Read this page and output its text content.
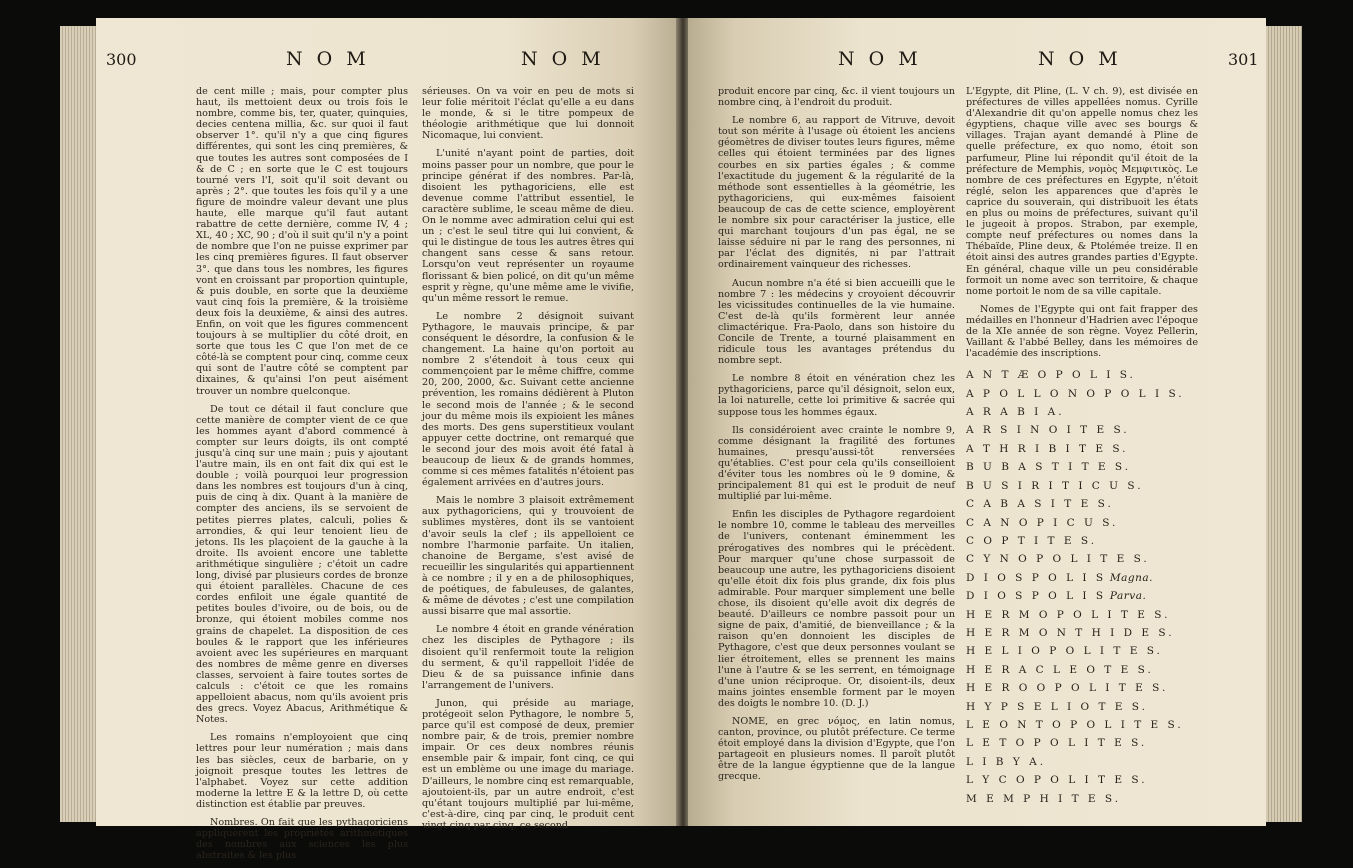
300	N O M	N O M

de cent mille ; mais, pour compter plus haut, ils mettoient deux ou trois fois le nombre, comme bis, ter, quater, quinquies, decies centena millia, &c. sur quoi il faut observer 1°. qu'il n'y a que cinq figures différentes, qui sont les cinq premières, & que toutes les autres sont composées de I & de C ; en sorte que le C est toujours tourné vers l'I, soit qu'il soit devant ou après ; 2°. que toutes les fois qu'il y a une figure de moindre valeur devant une plus haute, elle marque qu'il faut autant rabattre de cette dernière, comme IV, 4 ; XL, 40 ; XC, 90 ; d'où il suit qu'il n'y a point de nombre que l'on ne puisse exprimer par les cinq premières figures. Il faut observer 3°. que dans tous les nombres, les figures vont en croissant par proportion quintuple, & puis double, en sorte que la deuxième vaut cinq fois la première, & la troisième deux fois la deuxième, & ainsi des autres. Enfin, on voit que les figures commencent toujours à se multiplier du côté droit, en sorte que tous les C que l'on met de ce côté-là se comptent pour cinq, comme ceux qui sont de l'autre côté se comptent par dixaines, & qu'ainsi l'on peut aisément trouver un nombre quelconque.

De tout ce détail il faut conclure que cette manière de compter vient de ce que les hommes ayant d'abord commencé à compter sur leurs doigts, ils ont compté jusqu'à cinq sur une main ; puis y ajoutant l'autre main, ils en ont fait dix qui est le double ; voilà pourquoi leur progression dans les nombres est toujours d'un à cinq, puis de cinq à dix. Quant à la manière de compter des anciens, ils se servoient de petites pierres plates, calculi, polies & arrondies, & qui leur tenoient lieu de jetons. Ils les plaçoient de la gauche à la droite. Ils avoient encore une tablette arithmétique singulière ; c'étoit un cadre long, divisé par plusieurs cordes de bronze qui étoient parallèles. Chacune de ces cordes enfiloit une égale quantité de petites boules d'ivoire, ou de bois, ou de bronze, qui étoient mobiles comme nos grains de chapelet. La disposition de ces boules & le rapport que les inférieures avoient avec les supérieures en marquant des nombres de même genre en diverses classes, servoient à faire toutes sortes de calculs : c'étoit ce que les romains appelloient abacus, nom qu'ils avoient pris des grecs. Voyez Abacus, Arithmétique & Notes.

Les romains n'employoient que cinq lettres pour leur numération ; mais dans les bas siècles, ceux de barbarie, on y joignoit presque toutes les lettres de l'alphabet. Voyez sur cette addition moderne la lettre E & la lettre D, où cette distinction est établie par preuves.

Nombres. On fait que les pythagoriciens appliquèrent les propriétés arithmétiques des nombres aux sciences les plus abstraites & les plus

sérieuses. On va voir en peu de mots si leur folie méritoit l'éclat qu'elle a eu dans le monde, & si le titre pompeux de théologie arithmétique que lui donnoit Nicomaque, lui convient.

L'unité n'ayant point de parties, doit moins passer pour un nombre, que pour le principe générat if des nombres. Par-là, disoient les pythagoriciens, elle est devenue comme l'attribut essentiel, le caractère sublime, le sceau même de dieu. On le nomme avec admiration celui qui est un ; c'est le seul titre qui lui convient, & qui le distingue de tous les autres êtres qui changent sans cesse & sans retour. Lorsqu'on veut représenter un royaume florissant & bien policé, on dit qu'un même esprit y règne, qu'une même ame le vivifie, qu'un même ressort le remue.

Le nombre 2 désignoit suivant Pythagore, le mauvais principe, & par conséquent le désordre, la confusion & le changement. La haine qu'on portoit au nombre 2 s'étendoit à tous ceux qui commençoient par le même chiffre, comme 20, 200, 2000, &c. Suivant cette ancienne prévention, les romains dédièrent à Pluton le second mois de l'année ; & le second jour du même mois ils expioient les mânes des morts. Des gens superstitieux voulant appuyer cette doctrine, ont remarqué que le second jour des mois avoit été fatal à beaucoup de lieux & de grands hommes, comme si ces mêmes fatalités n'étoient pas également arrivées en d'autres jours.

Mais le nombre 3 plaisoit extrêmement aux pythagoriciens, qui y trouvoient de sublimes mystères, dont ils se vantoient d'avoir seuls la clef ; ils appelloient ce nombre l'harmonie parfaite. Un italien, chanoine de Bergame, s'est avisé de recueillir les singularités qui appartiennent à ce nombre ; il y en a de philosophiques, de poétiques, de fabuleuses, de galantes, & même de dévotes ; c'est une compilation aussi bisarre que mal assortie.

Le nombre 4 étoit en grande vénération chez les disciples de Pythagore ; ils disoient qu'il renfermoit toute la religion du serment, & qu'il rappelloit l'idée de Dieu & de sa puissance infinie dans l'arrangement de l'univers.

Junon, qui préside au mariage, protégeoit selon Pythagore, le nombre 5, parce qu'il est composé de deux, premier nombre pair, & de trois, premier nombre impair. Or ces deux nombres réunis ensemble pair & impair, font cinq, ce qui est un emblème ou une image du mariage. D'ailleurs, le nombre cinq est remarquable, ajoutoient-ils, par un autre endroit, c'est qu'étant toujours multiplié par lui-même, c'est-à-dire, cinq par cinq, le produit cent vingt cinq par cinq, ce second

N O M	N O M	301

produit encore par cinq, &c. il vient toujours un nombre cinq, à l'endroit du produit.

Le nombre 6, au rapport de Vitruve, devoit tout son mérite à l'usage où étoient les anciens géomètres de diviser toutes leurs figures, même celles qui étoient terminées par des lignes courbes en six parties égales ; & comme l'exactitude du jugement & la régularité de la méthode sont essentielles à la géométrie, les pythagoriciens, qui eux-mêmes faisoient beaucoup de cas de cette science, employèrent le nombre six pour caractériser la justice, elle qui marchant toujours d'un pas égal, ne se laisse séduire ni par le rang des personnes, ni par l'éclat des dignités, ni par l'attrait ordinairement vainqueur des richesses.

Aucun nombre n'a été si bien accueilli que le nombre 7 : les médecins y croyoient découvrir les vicissitudes continuelles de la vie humaine. C'est de-là qu'ils formèrent leur année climactérique. Fra-Paolo, dans son histoire du Concile de Trente, a tourné plaisamment en ridicule tous les avantages prétendus du nombre sept.

Le nombre 8 étoit en vénération chez les pythagoriciens, parce qu'il désignoit, selon eux, la loi naturelle, cette loi primitive & sacrée qui suppose tous les hommes égaux.

Ils considéroient avec crainte le nombre 9, comme désignant la fragilité des fortunes humaines, presqu'aussi-tôt renversées qu'établies. C'est pour cela qu'ils conseilloient d'éviter tous les nombres où le 9 domine, & principalement 81 qui est le produit de neuf multiplié par lui-même.

Enfin les disciples de Pythagore regardoient le nombre 10, comme le tableau des merveilles de l'univers, contenant éminemment les prérogatives des nombres qui le précèdent. Pour marquer qu'une chose surpassoit de beaucoup une autre, les pythagoriciens disoient qu'elle étoit dix fois plus grande, dix fois plus admirable. Pour marquer simplement une belle chose, ils disoient qu'elle avoit dix degrés de beauté. D'ailleurs ce nombre passoit pour un signe de paix, d'amitié, de bienveillance ; & la raison qu'en donnoient les disciples de Pythagore, c'est que deux personnes voulant se lier étroitement, elles se prennent les mains l'une à l'autre & se les serrent, en témoignage d'une union réciproque. Or, disoient-ils, deux mains jointes ensemble forment par le moyen des doigts le nombre 10. (D. J.)

NOME, en grec νόμος, en latin nomus, canton, province, ou plutôt préfecture. Ce terme étoit employé dans la division d'Egypte, que l'on partageoit en plusieurs nomes. Il paroît plutôt être de la langue égyptienne que de la langue grecque.

L'Egypte, dit Pline, (L. V ch. 9), est divisée en préfectures de villes appellées nomus. Cyrille d'Alexandrie dit qu'on appelle nomus chez les égyptiens, chaque ville avec ses bourgs & villages. Trajan ayant demandé à Pline de quelle préfecture, ex quo nomo, étoit son parfumeur, Pline lui répondit qu'il étoit de la préfecture de Memphis, νομὸς Μεμφιτικὸς. Le nombre de ces préfectures en Egypte, n'étoit réglé, selon les apparences que d'après le caprice du souverain, qui distribuoit les états en plus ou moins de préfectures, suivant qu'il le jugeoit à propos. Strabon, par exemple, compte neuf préfectures ou nomes dans la Thébaïde, Pline deux, & Ptolémée treize. Il en étoit ainsi des autres grandes parties d'Egypte. En général, chaque ville un peu considérable formoit un nome avec son territoire, & chaque nome portoit le nom de sa ville capitale.

Nomes de l'Egypte qui ont fait frapper des médailles en l'honneur d'Hadrien avec l'époque de la XIe année de son règne. Voyez Pellerin, Vaillant & l'abbé Belley, dans les mémoires de l'académie des inscriptions.

A N T Æ O P O L I S.
A P O L L O N O P O L I S.
A R A B I A.
A R S I N O I T E S.
A T H R I B I T E S.
B U B A S T I T E S.
B U S I R I T I C U S.
C A B A S I T E S.
C A N O P I C U S.
C O P T I T E S.
C Y N O P O L I T E S.
D I O S P O L I S Magna.
D I O S P O L I S Parva.
H E R M O P O L I T E S.
H E R M O N T H I D E S.
H E L I O P O L I T E S.
H E R A C L E O T E S.
H E R O O P O L I T E S.
H Y P S E L I O T E S.
L E O N T O P O L I T E S.
L E T O P O L I T E S.
L I B Y A.
L Y C O P O L I T E S.
M E M P H I T E S.
